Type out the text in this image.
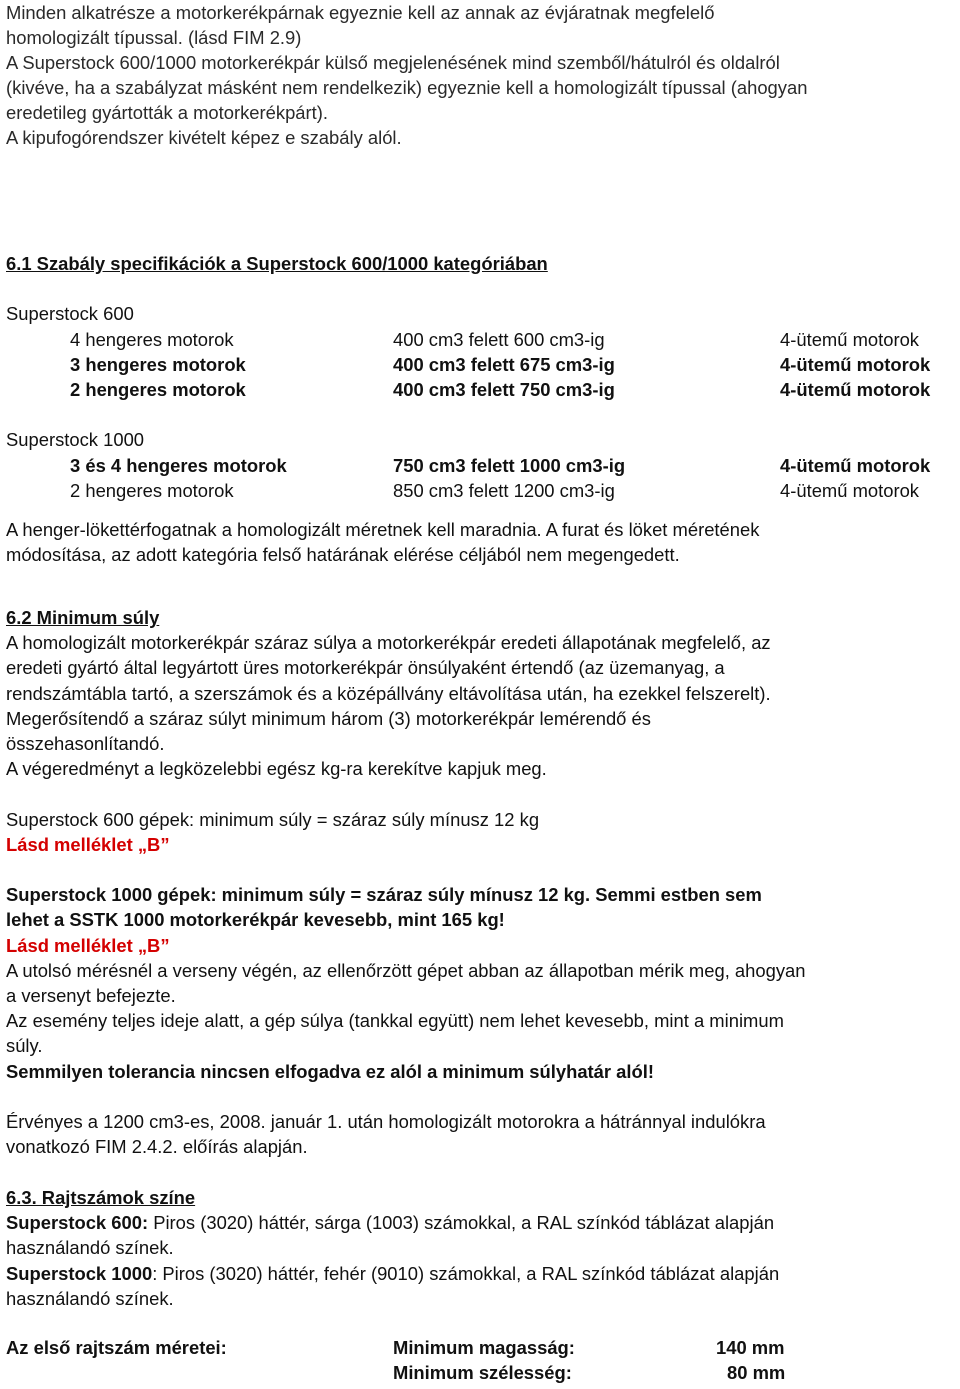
Minden alkatrésze a motorkerékpárnak egyeznie kell az annak az évjáratnak megfelelő

homologizált típussal. (lásd FIM 2.9)

A Superstock 600/1000 motorkerékpár külső megjelenésének mind szemből/hátulról és oldalról

(kivéve, ha a szabályzat másként nem rendelkezik) egyeznie kell a homologizált típussal (ahogyan

eredetileg gyártották a motorkerékpárt).

A kipufogórendszer kivételt képez e szabály alól.

6.1 Szabály specifikációk a Superstock 600/1000 kategóriában

Superstock 600

4 hengeres motorok	400 cm3 felett 600 cm3-ig	4-ütemű motorok
3 hengeres motorok	400 cm3 felett 675 cm3-ig	4-ütemű motorok
2 hengeres motorok	400 cm3 felett 750 cm3-ig	4-ütemű motorok

Superstock 1000

3 és 4 hengeres motorok	750 cm3 felett 1000 cm3-ig	4-ütemű motorok
2 hengeres motorok	850 cm3 felett 1200 cm3-ig	4-ütemű motorok

A henger-lökettérfogatnak a homologizált méretnek kell maradnia. A furat és löket méretének

módosítása, az adott kategória felső határának elérése céljából nem megengedett.

6.2 Minimum súly

A homologizált motorkerékpár száraz súlya a motorkerékpár eredeti állapotának megfelelő, az

eredeti gyártó által legyártott üres motorkerékpár önsúlyaként értendő (az üzemanyag, a

rendszámtábla tartó, a szerszámok és a középállvány eltávolítása után, ha ezekkel felszerelt).

Megerősítendő a száraz súlyt minimum három (3) motorkerékpár lemérendő és

összehasonlítandó.

A végeredményt a legközelebbi egész kg-ra kerekítve kapjuk meg.

Superstock 600 gépek: minimum súly = száraz súly mínusz 12 kg

Lásd melléklet „B”

Superstock 1000 gépek: minimum súly = száraz súly mínusz 12 kg. Semmi estben sem

lehet a SSTK 1000 motorkerékpár kevesebb, mint 165 kg!

Lásd melléklet „B”

A utolsó mérésnél a verseny végén, az ellenőrzött gépet abban az állapotban mérik meg, ahogyan

a versenyt befejezte.

Az esemény teljes ideje alatt, a gép súlya (tankkal együtt) nem lehet kevesebb, mint a minimum

súly.

Semmilyen tolerancia nincsen elfogadva ez alól a minimum súlyhatár alól!

Érvényes a 1200 cm3-es, 2008. január 1. után homologizált motorokra a hátránnyal indulókra

vonatkozó FIM 2.4.2. előírás alapján.

6.3. Rajtszámok színe

Superstock 600: Piros (3020) háttér, sárga (1003) számokkal, a RAL színkód táblázat alapján

használandó színek.

Superstock 1000: Piros (3020) háttér, fehér (9010) számokkal, a RAL színkód táblázat alapján

használandó színek.

Az első rajtszám méretei:	Minimum magasság:	140 mm
Minimum szélesség:	80 mm
